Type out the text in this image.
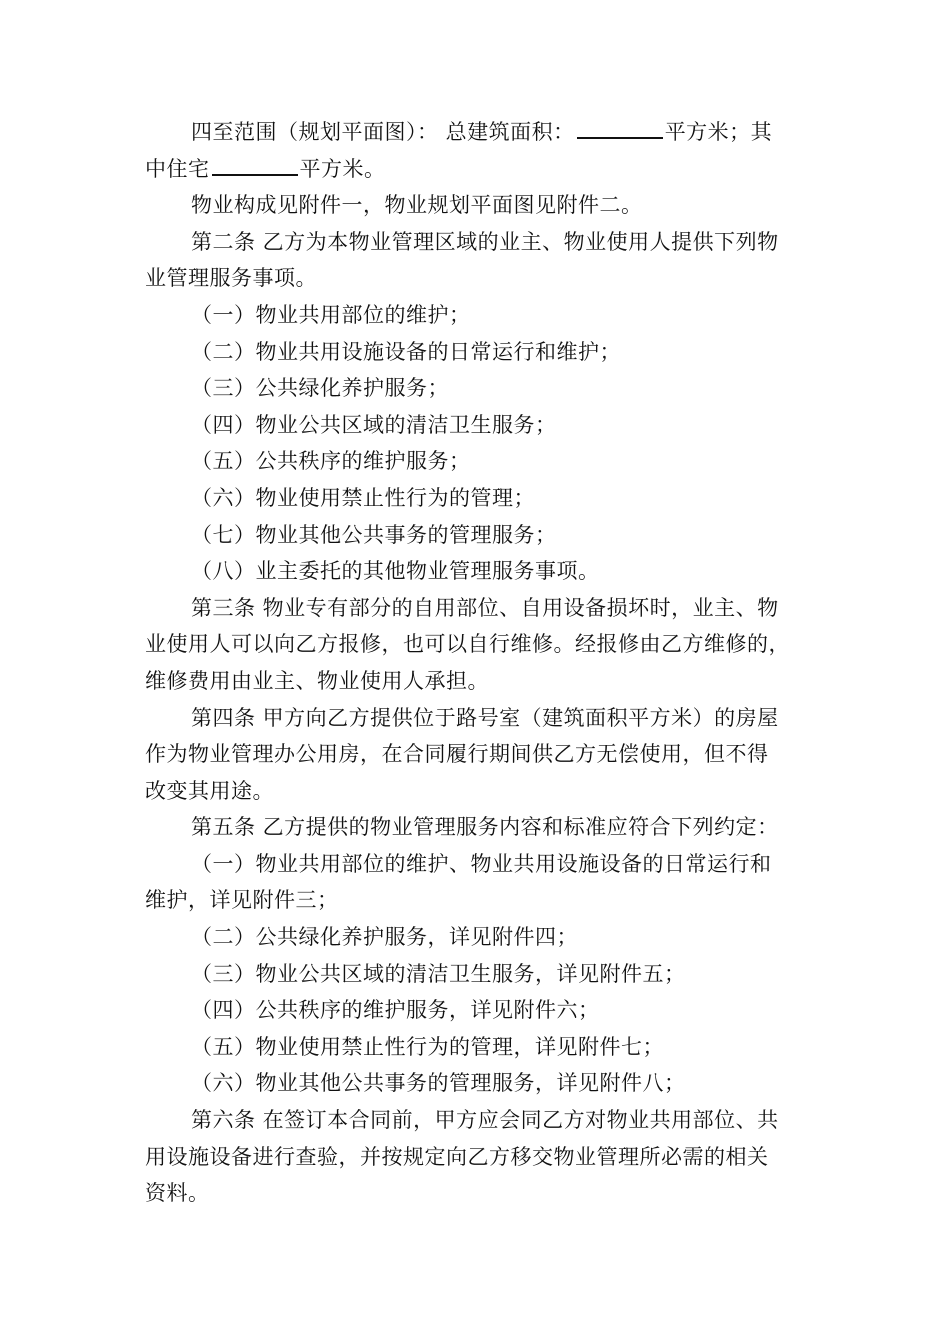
四至范围（规划平面图）： 总建筑面积：	平方米；其
中住宅	平方米。
物业构成见附件一，物业规划平面图见附件二。
第二条 乙方为本物业管理区域的业主、物业使用人提供下列物
业管理服务事项。
（一）物业共用部位的维护；
（二）物业共用设施设备的日常运行和维护；
（三）公共绿化养护服务；
（四）物业公共区域的清洁卫生服务；
（五）公共秩序的维护服务；
（六）物业使用禁止性行为的管理；
（七）物业其他公共事务的管理服务；
（八）业主委托的其他物业管理服务事项。
第三条 物业专有部分的自用部位、自用设备损坏时，业主、物
业使用人可以向乙方报修，也可以自行维修。经报修由乙方维修的，
维修费用由业主、物业使用人承担。
第四条 甲方向乙方提供位于路号室（建筑面积平方米）的房屋
作为物业管理办公用房，在合同履行期间供乙方无偿使用，但不得
改变其用途。
第五条 乙方提供的物业管理服务内容和标准应符合下列约定：
（一）物业共用部位的维护、物业共用设施设备的日常运行和
维护，详见附件三；
（二）公共绿化养护服务，详见附件四；
（三）物业公共区域的清洁卫生服务，详见附件五；
（四）公共秩序的维护服务，详见附件六；
（五）物业使用禁止性行为的管理，详见附件七；
（六）物业其他公共事务的管理服务，详见附件八；
第六条 在签订本合同前，甲方应会同乙方对物业共用部位、共
用设施设备进行查验，并按规定向乙方移交物业管理所必需的相关
资料。
